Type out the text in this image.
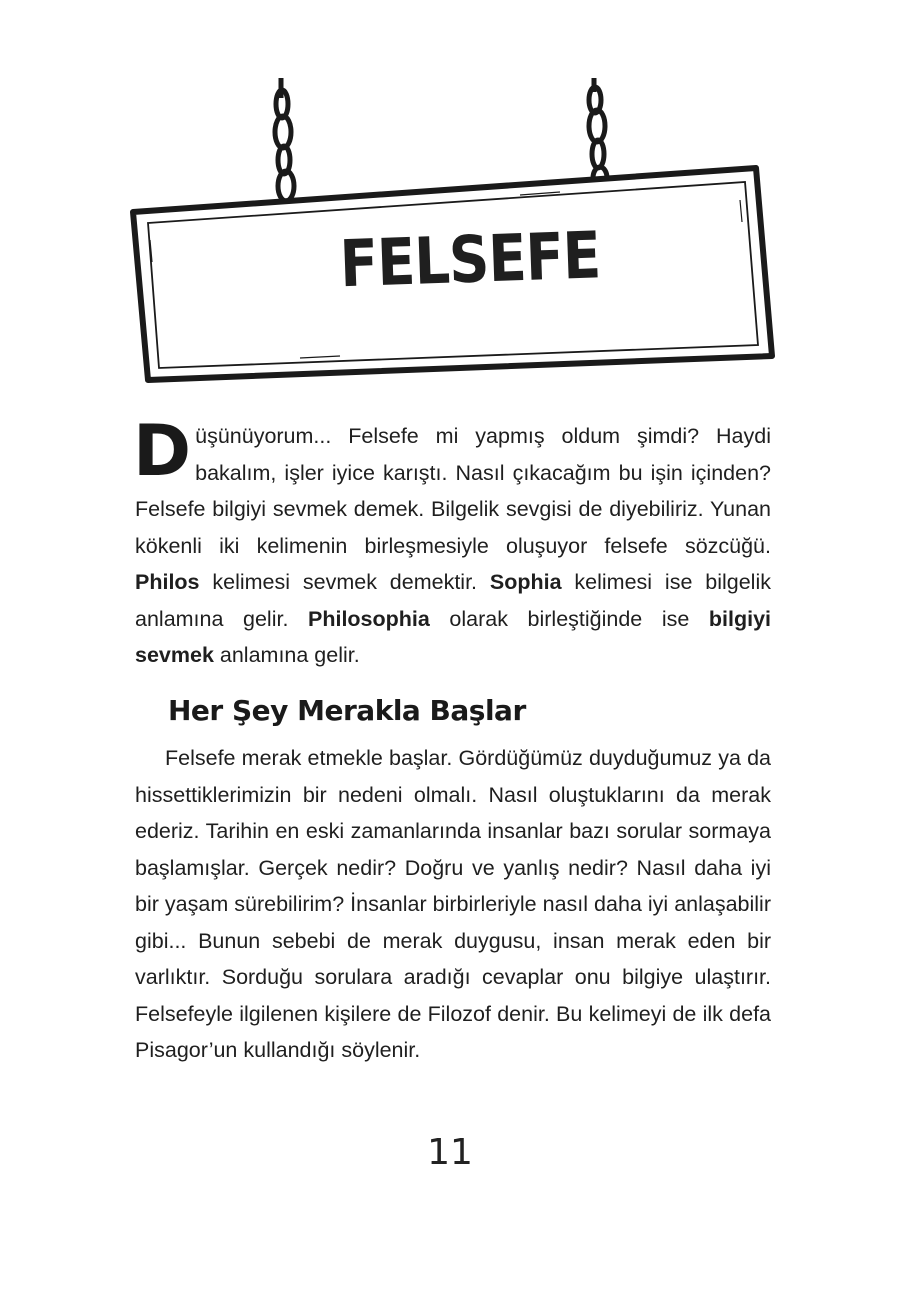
FELSEFE
Düşünüyorum... Felsefe mi yapmış oldum şimdi? Haydi bakalım, işler iyice karıştı. Nasıl çıkacağım bu işin içinden? Felsefe bilgiyi sevmek demek. Bilgelik sevgisi de diyebiliriz. Yunan kökenli iki kelimenin birleşmesiyle oluşuyor felsefe sözcüğü. Philos kelimesi sevmek demektir. Sophia kelimesi ise bilgelik anlamına gelir. Philosophia olarak birleştiğinde ise bilgiyi sevmek anlamına gelir.
Her Şey Merakla Başlar
Felsefe merak etmekle başlar. Gördüğümüz duyduğumuz ya da hissettiklerimizin bir nedeni olmalı. Nasıl oluştuklarını da merak ederiz. Tarihin en eski zamanlarında insanlar bazı sorular sormaya başlamışlar. Gerçek nedir? Doğru ve yanlış nedir? Nasıl daha iyi bir yaşam sürebilirim? İnsanlar birbirleriyle nasıl daha iyi anlaşabilir gibi... Bunun sebebi de merak duygusu, insan merak eden bir varlıktır. Sorduğu sorulara aradığı cevaplar onu bilgiye ulaştırır. Felsefeyle ilgilenen kişilere de Filozof denir. Bu kelimeyi de ilk defa Pisagor’un kullandığı söylenir.
11
